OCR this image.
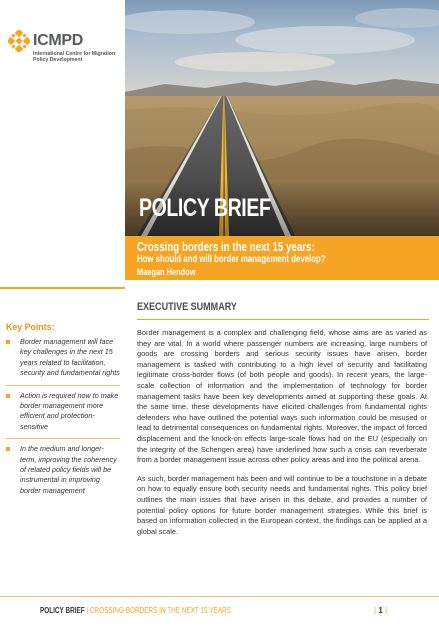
ICMPD
International Centre for Migration Policy Development
POLICY BRIEF
Crossing borders in the next 15 years:
How should and will border management develop?
Maegan Hendow
Key Points:
Border management will face key challenges in the next 15 years related to facilitation, security and fundamental rights
Action is required now to make border management more efficient and protection-sensitive
In the medium and longer-term, improving the coherency of related policy fields will be instrumental in improving border management
EXECUTIVE SUMMARY

Border management is a complex and challenging field, whose aims are as varied as they are vital. In a world where passenger numbers are increasing, large numbers of goods are crossing borders and serious security issues have arisen, border management is tasked with contributing to a high level of security and facilitating legitimate cross-border flows (of both people and goods). In recent years, the large-scale collection of information and the implementation of technology for border management tasks have been key developments aimed at supporting these goals. At the same time, these developments have elicited challenges from fundamental rights defenders who have outlined the potential ways such information could be misused or lead to detrimental consequences on fundamental rights. Moreover, the impact of forced displacement and the knock-on effects large-scale flows had on the EU (especially on the integrity of the Schengen area) have underlined how such a crisis can reverberate from a border management issue across other policy areas and into the political arena.

As such, border management has been and will continue to be a touchstone in a debate on how to equally ensure both security needs and fundamental rights. This policy brief outlines the main issues that have arisen in this debate, and provides a number of potential policy options for future border management strategies. While this brief is based on information collected in the European context, the findings can be applied at a global scale.

POLICY BRIEF | CROSSING BORDERS IN THE NEXT 15 YEARS	| 1 |
